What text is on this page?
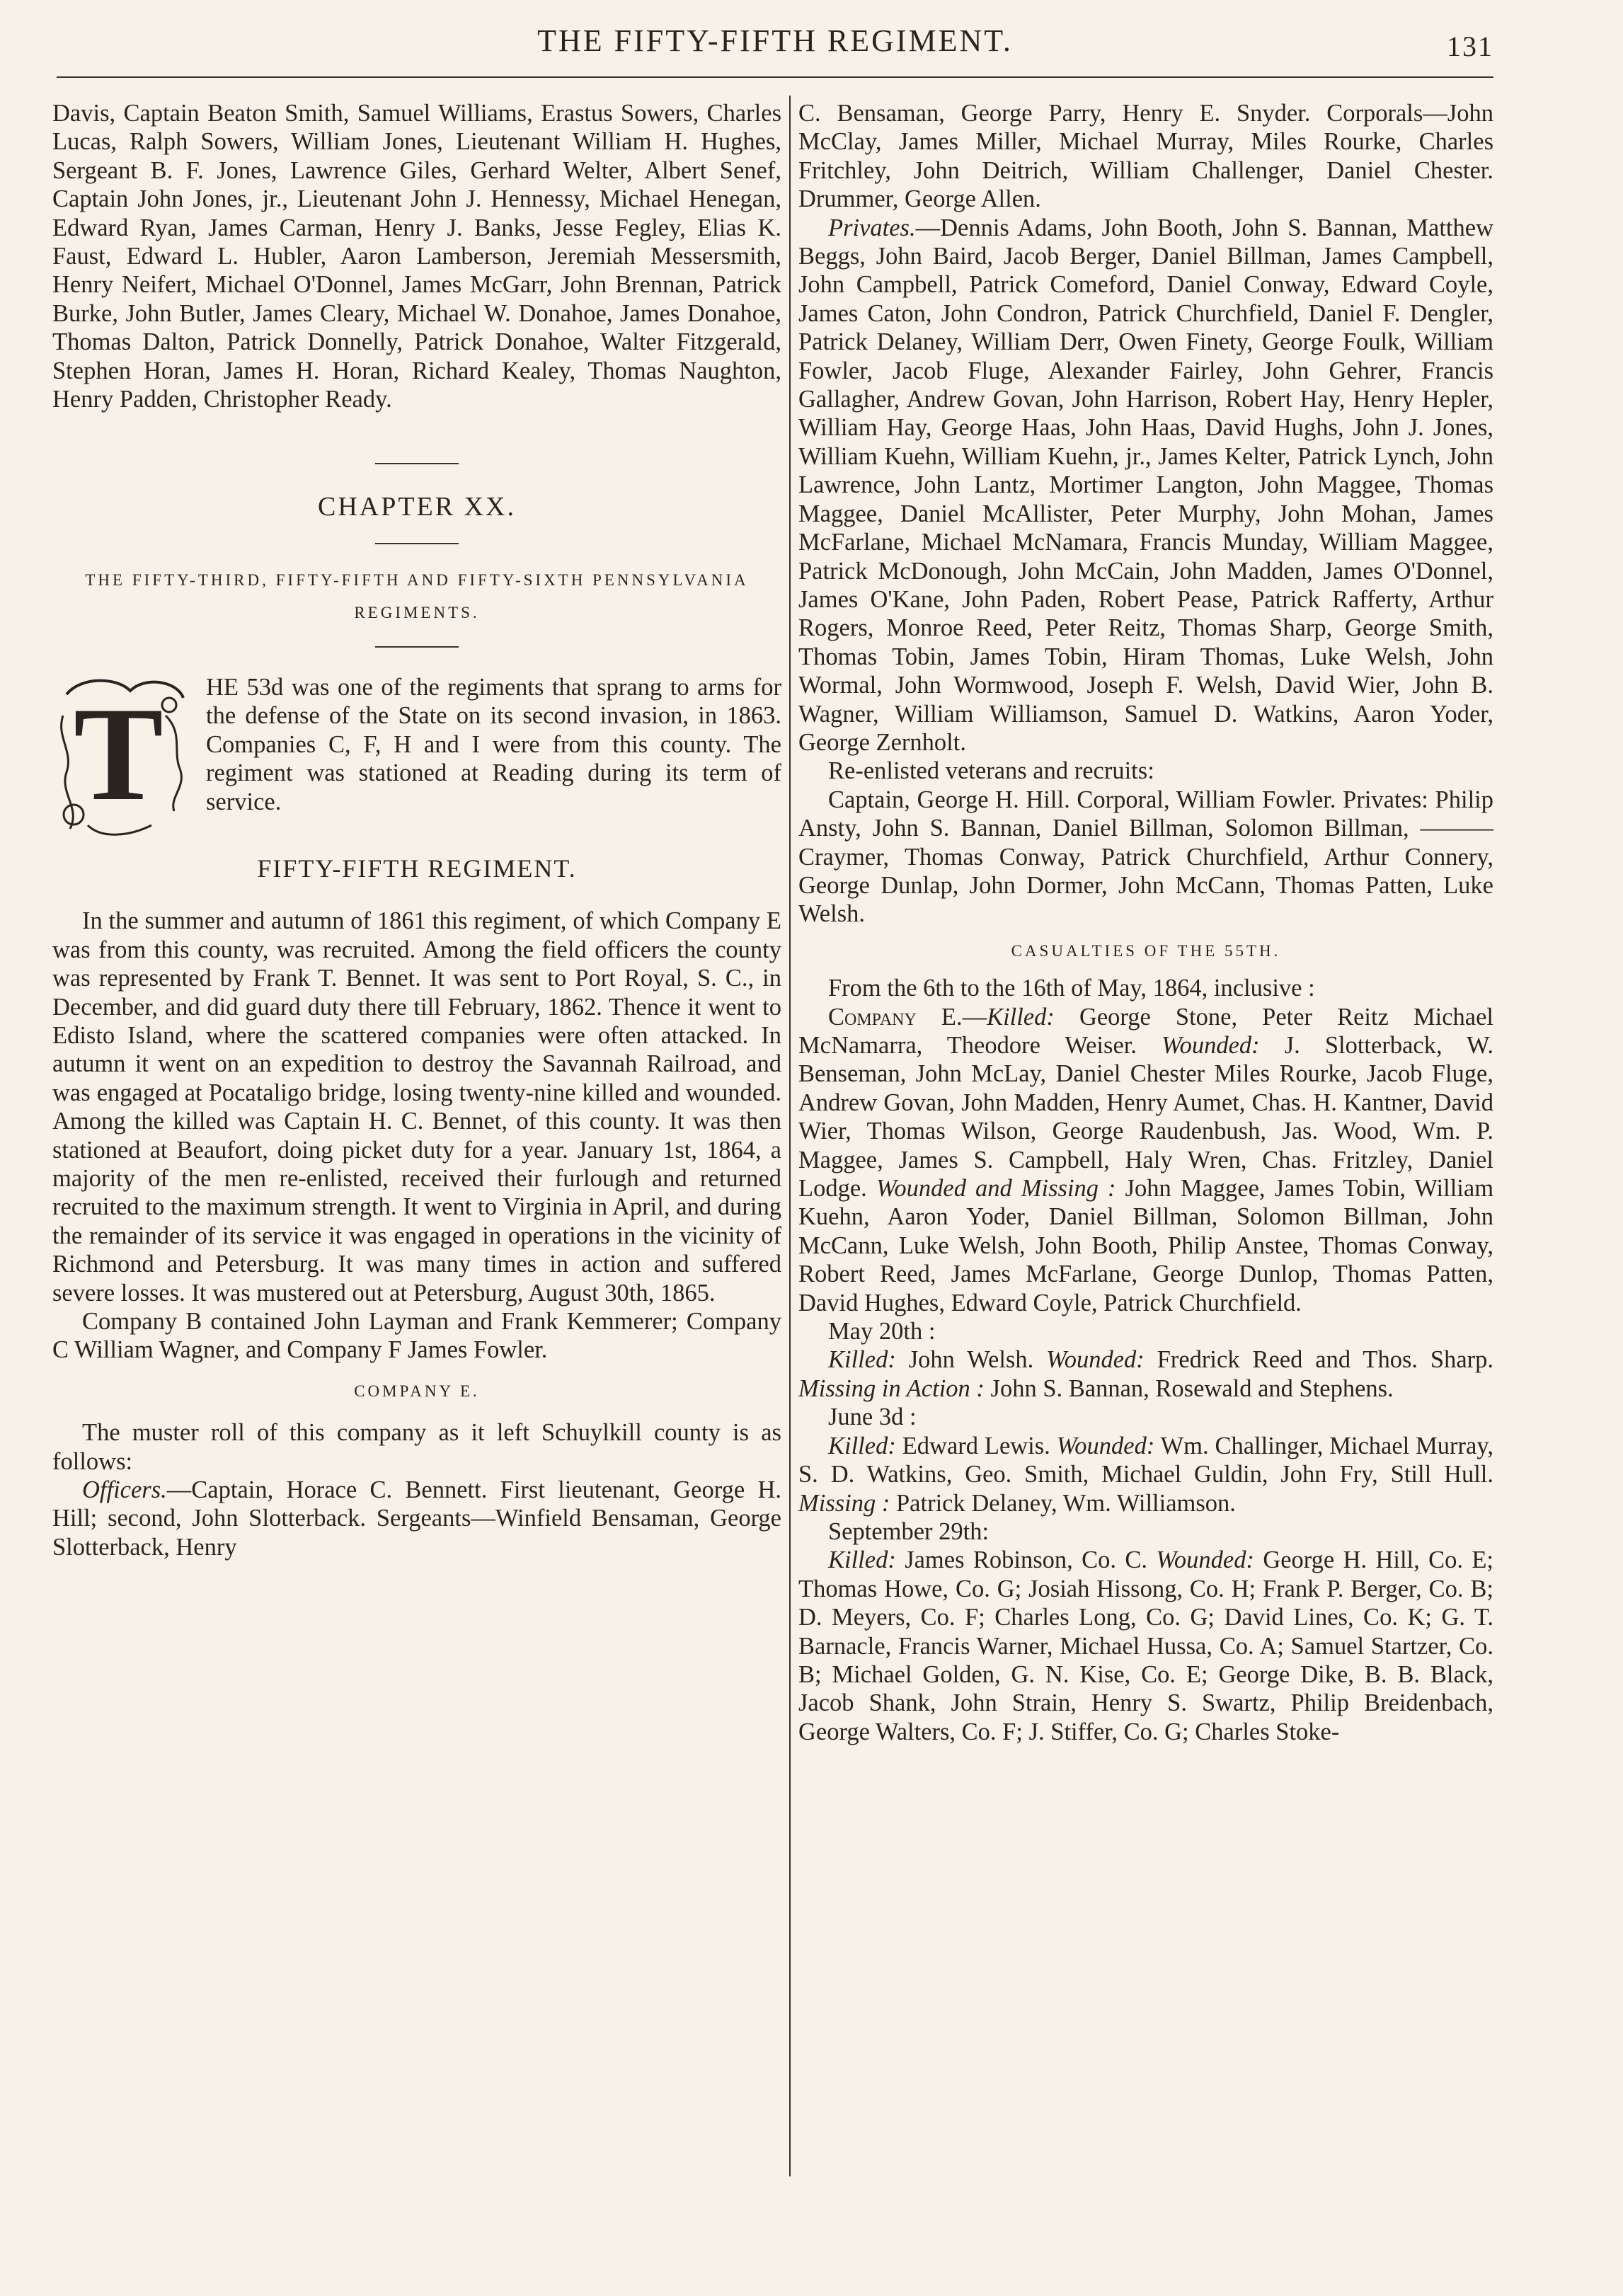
THE FIFTY-FIFTH REGIMENT.	131

Davis, Captain Beaton Smith, Samuel Williams, Erastus Sowers, Charles Lucas, Ralph Sowers, William Jones, Lieutenant William H. Hughes, Sergeant B. F. Jones, Lawrence Giles, Gerhard Welter, Albert Senef, Captain John Jones, jr., Lieutenant John J. Hennessy, Michael Henegan, Edward Ryan, James Carman, Henry J. Banks, Jesse Fegley, Elias K. Faust, Edward L. Hubler, Aaron Lamberson, Jeremiah Messersmith, Henry Neifert, Michael O'Donnel, James McGarr, John Brennan, Patrick Burke, John Butler, James Cleary, Michael W. Donahoe, James Donahoe, Thomas Dalton, Patrick Donnelly, Patrick Donahoe, Walter Fitzgerald, Stephen Horan, James H. Horan, Richard Kealey, Thomas Naughton, Henry Padden, Christopher Ready.

CHAPTER XX.

THE FIFTY-THIRD, FIFTY-FIFTH AND FIFTY-SIXTH PENNSYLVANIA REGIMENTS.

T	HE 53d was one of the regiments that sprang to arms for the defense of the State on its second invasion, in 1863. Companies C, F, H and I were from this county. The regiment was stationed at Reading during its term of service.

FIFTY-FIFTH REGIMENT.

In the summer and autumn of 1861 this regiment, of which Company E was from this county, was recruited. Among the field officers the county was represented by Frank T. Bennet. It was sent to Port Royal, S. C., in December, and did guard duty there till February, 1862. Thence it went to Edisto Island, where the scattered companies were often attacked. In autumn it went on an expedition to destroy the Savannah Railroad, and was engaged at Pocataligo bridge, losing twenty-nine killed and wounded. Among the killed was Captain H. C. Bennet, of this county. It was then stationed at Beaufort, doing picket duty for a year. January 1st, 1864, a majority of the men re-enlisted, received their furlough and returned recruited to the maximum strength. It went to Virginia in April, and during the remainder of its service it was engaged in operations in the vicinity of Richmond and Petersburg. It was many times in action and suffered severe losses. It was mustered out at Petersburg, August 30th, 1865.

Company B contained John Layman and Frank Kemmerer; Company C William Wagner, and Company F James Fowler.

COMPANY E.

The muster roll of this company as it left Schuylkill county is as follows:

Officers.—Captain, Horace C. Bennett. First lieutenant, George H. Hill; second, John Slotterback. Sergeants—Winfield Bensaman, George Slotterback, Henry

C. Bensaman, George Parry, Henry E. Snyder. Corporals—John McClay, James Miller, Michael Murray, Miles Rourke, Charles Fritchley, John Deitrich, William Challenger, Daniel Chester. Drummer, George Allen.

Privates.—Dennis Adams, John Booth, John S. Bannan, Matthew Beggs, John Baird, Jacob Berger, Daniel Billman, James Campbell, John Campbell, Patrick Comeford, Daniel Conway, Edward Coyle, James Caton, John Condron, Patrick Churchfield, Daniel F. Dengler, Patrick Delaney, William Derr, Owen Finety, George Foulk, William Fowler, Jacob Fluge, Alexander Fairley, John Gehrer, Francis Gallagher, Andrew Govan, John Harrison, Robert Hay, Henry Hepler, William Hay, George Haas, John Haas, David Hughs, John J. Jones, William Kuehn, William Kuehn, jr., James Kelter, Patrick Lynch, John Lawrence, John Lantz, Mortimer Langton, John Maggee, Thomas Maggee, Daniel McAllister, Peter Murphy, John Mohan, James McFarlane, Michael McNamara, Francis Munday, William Maggee, Patrick McDonough, John McCain, John Madden, James O'Donnel, James O'Kane, John Paden, Robert Pease, Patrick Rafferty, Arthur Rogers, Monroe Reed, Peter Reitz, Thomas Sharp, George Smith, Thomas Tobin, James Tobin, Hiram Thomas, Luke Welsh, John Wormal, John Wormwood, Joseph F. Welsh, David Wier, John B. Wagner, William Williamson, Samuel D. Watkins, Aaron Yoder, George Zernholt.

Re-enlisted veterans and recruits:

Captain, George H. Hill. Corporal, William Fowler. Privates: Philip Ansty, John S. Bannan, Daniel Billman, Solomon Billman, ——— Craymer, Thomas Conway, Patrick Churchfield, Arthur Connery, George Dunlap, John Dormer, John McCann, Thomas Patten, Luke Welsh.

CASUALTIES OF THE 55TH.

From the 6th to the 16th of May, 1864, inclusive :

Company E.—Killed: George Stone, Peter Reitz Michael McNamarra, Theodore Weiser. Wounded: J. Slotterback, W. Benseman, John McLay, Daniel Chester Miles Rourke, Jacob Fluge, Andrew Govan, John Madden, Henry Aumet, Chas. H. Kantner, David Wier, Thomas Wilson, George Raudenbush, Jas. Wood, Wm. P. Maggee, James S. Campbell, Haly Wren, Chas. Fritzley, Daniel Lodge. Wounded and Missing : John Maggee, James Tobin, William Kuehn, Aaron Yoder, Daniel Billman, Solomon Billman, John McCann, Luke Welsh, John Booth, Philip Anstee, Thomas Conway, Robert Reed, James McFarlane, George Dunlop, Thomas Patten, David Hughes, Edward Coyle, Patrick Churchfield.

May 20th :

Killed: John Welsh. Wounded: Fredrick Reed and Thos. Sharp. Missing in Action : John S. Bannan, Rosewald and Stephens.

June 3d :

Killed: Edward Lewis. Wounded: Wm. Challinger, Michael Murray, S. D. Watkins, Geo. Smith, Michael Guldin, John Fry, Still Hull. Missing : Patrick Delaney, Wm. Williamson.

September 29th:

Killed: James Robinson, Co. C. Wounded: George H. Hill, Co. E; Thomas Howe, Co. G; Josiah Hissong, Co. H; Frank P. Berger, Co. B; D. Meyers, Co. F; Charles Long, Co. G; David Lines, Co. K; G. T. Barnacle, Francis Warner, Michael Hussa, Co. A; Samuel Startzer, Co. B; Michael Golden, G. N. Kise, Co. E; George Dike, B. B. Black, Jacob Shank, John Strain, Henry S. Swartz, Philip Breidenbach, George Walters, Co. F; J. Stiffer, Co. G; Charles Stoke-
